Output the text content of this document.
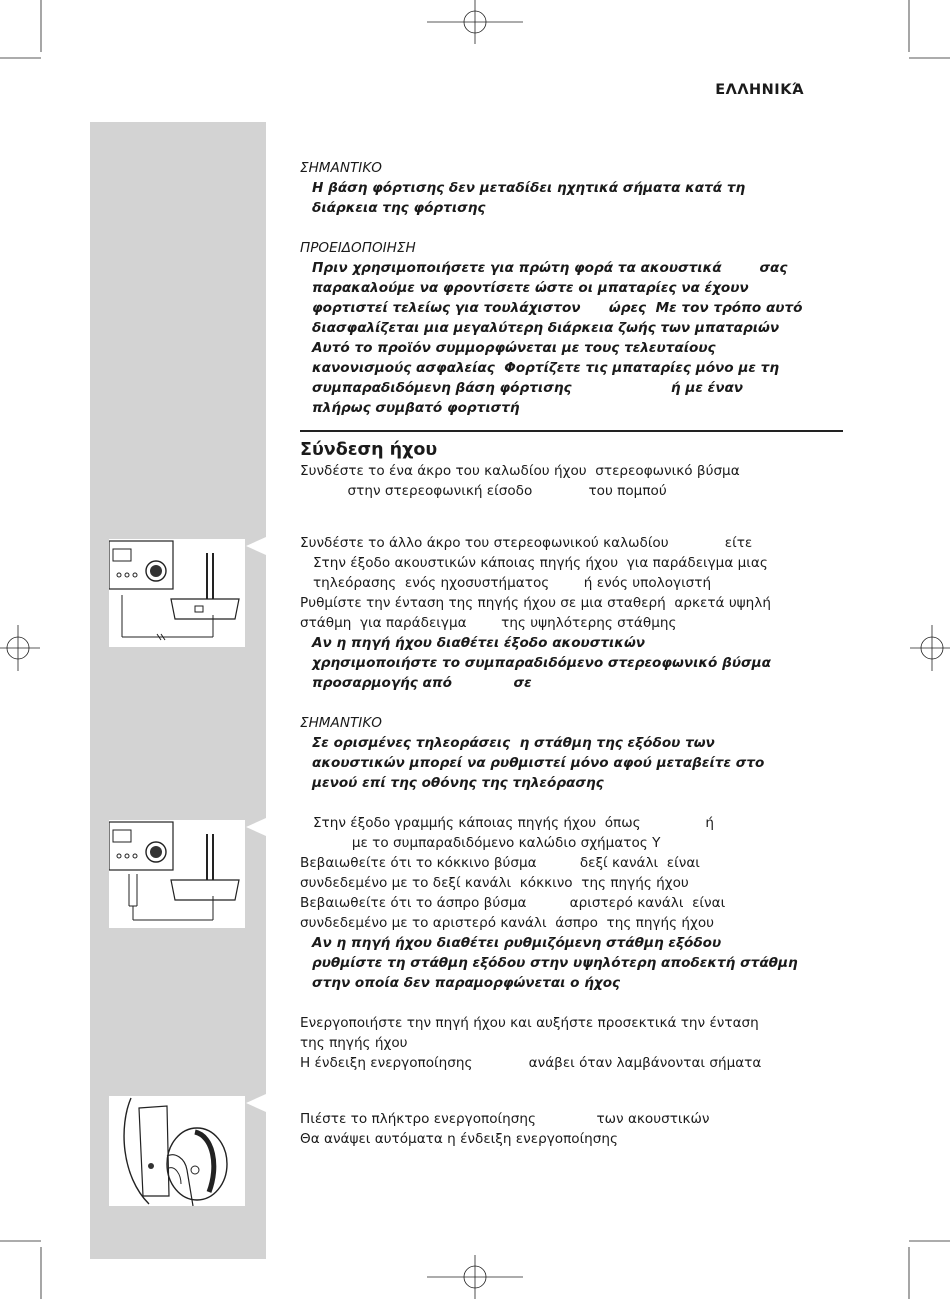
ΕΛΛΗΝΙΚΆ
ΣΗΜΑΝΤΙΚΟ
Η βάση φόρτισης δεν μεταδίδει ηχητικά σήματα κατά τη
διάρκεια της φόρτισης
ΠΡΟΕΙΔΟΠΟΙΗΣΗ
Πριν χρησιμοποιήσετε για πρώτη φορά τα ακουστικά        σας
παρακαλούμε να φροντίσετε ώστε οι μπαταρίες να έχουν
φορτιστεί τελείως για τουλάχιστον      ώρες  Με τον τρόπο αυτό
διασφαλίζεται μια μεγαλύτερη διάρκεια ζωής των μπαταριών
Αυτό το προϊόν συμμορφώνεται με τους τελευταίους
κανονισμούς ασφαλείας  Φορτίζετε τις μπαταρίες μόνο με τη
συμπαραδιδόμενη βάση φόρτισης                     ή με έναν
πλήρως συμβατό φορτιστή
Σύνδεση ήχου
Συνδέστε το ένα άκρο του καλωδίου ήχου  στερεοφωνικό βύσμα
στην στερεοφωνική είσοδο             του πομπού
Συνδέστε το άλλο άκρο του στερεοφωνικού καλωδίου             είτε
Στην έξοδο ακουστικών κάποιας πηγής ήχου  για παράδειγμα μιας
τηλεόρασης  ενός ηχοσυστήματος        ή ενός υπολογιστή
Ρυθμίστε την ένταση της πηγής ήχου σε μια σταθερή  αρκετά υψηλή
στάθμη  για παράδειγμα        της υψηλότερης στάθμης
Αν η πηγή ήχου διαθέτει έξοδο ακουστικών
χρησιμοποιήστε το συμπαραδιδόμενο στερεοφωνικό βύσμα
προσαρμογής από             σε
ΣΗΜΑΝΤΙΚΟ
Σε ορισμένες τηλεοράσεις  η στάθμη της εξόδου των
ακουστικών μπορεί να ρυθμιστεί μόνο αφού μεταβείτε στο
μενού επί της οθόνης της τηλεόρασης
Στην έξοδο γραμμής κάποιας πηγής ήχου  όπως               ή
με το συμπαραδιδόμενο καλώδιο σχήματος Y
Βεβαιωθείτε ότι το κόκκινο βύσμα          δεξί κανάλι  είναι
συνδεδεμένο με το δεξί κανάλι  κόκκινο  της πηγής ήχου
Βεβαιωθείτε ότι το άσπρο βύσμα          αριστερό κανάλι  είναι
συνδεδεμένο με το αριστερό κανάλι  άσπρο  της πηγής ήχου
Αν η πηγή ήχου διαθέτει ρυθμιζόμενη στάθμη εξόδου
ρυθμίστε τη στάθμη εξόδου στην υψηλότερη αποδεκτή στάθμη
στην οποία δεν παραμορφώνεται ο ήχος
Ενεργοποιήστε την πηγή ήχου και αυξήστε προσεκτικά την ένταση
της πηγής ήχου
Η ένδειξη ενεργοποίησης             ανάβει όταν λαμβάνονται σήματα
Πιέστε το πλήκτρο ενεργοποίησης              των ακουστικών
Θα ανάψει αυτόματα η ένδειξη ενεργοποίησης
